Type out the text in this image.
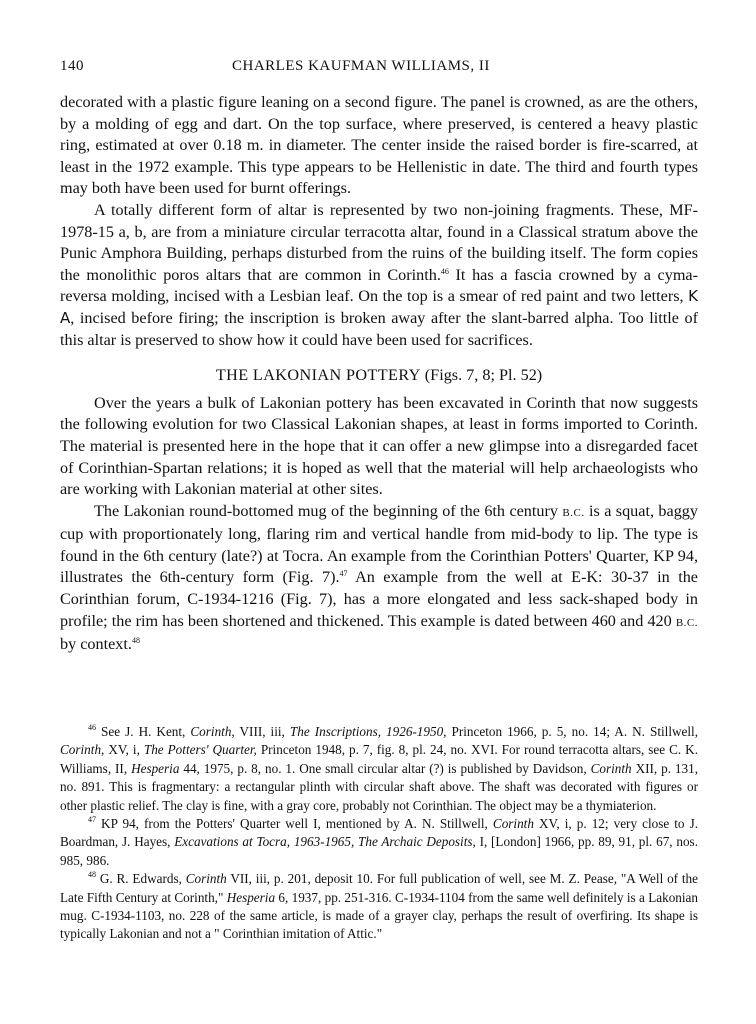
140	CHARLES KAUFMAN WILLIAMS, II

decorated with a plastic figure leaning on a second figure. The panel is crowned, as are the others, by a molding of egg and dart. On the top surface, where preserved, is centered a heavy plastic ring, estimated at over 0.18 m. in diameter. The center inside the raised border is fire-scarred, at least in the 1972 example. This type appears to be Hellenistic in date. The third and fourth types may both have been used for burnt offerings.

A totally different form of altar is represented by two non-joining fragments. These, MF-1978-15 a, b, are from a miniature circular terracotta altar, found in a Classical stratum above the Punic Amphora Building, perhaps disturbed from the ruins of the building itself. The form copies the monolithic poros altars that are common in Corinth.$^{46}$ It has a fascia crowned by a cyma-reversa molding, incised with a Lesbian leaf. On the top is a smear of red paint and two letters, K A, incised before firing; the inscription is broken away after the slant-barred alpha. Too little of this altar is preserved to show how it could have been used for sacrifices.

THE LAKONIAN POTTERY (Figs. 7, 8; Pl. 52)

Over the years a bulk of Lakonian pottery has been excavated in Corinth that now suggests the following evolution for two Classical Lakonian shapes, at least in forms imported to Corinth. The material is presented here in the hope that it can offer a new glimpse into a disregarded facet of Corinthian-Spartan relations; it is hoped as well that the material will help archaeologists who are working with Lakonian material at other sites.

The Lakonian round-bottomed mug of the beginning of the 6th century B.C. is a squat, baggy cup with proportionately long, flaring rim and vertical handle from mid-body to lip. The type is found in the 6th century (late?) at Tocra. An example from the Corinthian Potters' Quarter, KP 94, illustrates the 6th-century form (Fig. 7).$^{47}$ An example from the well at E-K: 30-37 in the Corinthian forum, C-1934-1216 (Fig. 7), has a more elongated and less sack-shaped body in profile; the rim has been shortened and thickened. This example is dated between 460 and 420 B.C. by context.$^{48}$

$^{46}$ See J. H. Kent, Corinth, VIII, iii, The Inscriptions, 1926-1950, Princeton 1966, p. 5, no. 14; A. N. Stillwell, Corinth, XV, i, The Potters' Quarter, Princeton 1948, p. 7, fig. 8, pl. 24, no. XVI. For round terracotta altars, see C. K. Williams, II, Hesperia 44, 1975, p. 8, no. 1. One small circular altar (?) is published by Davidson, Corinth XII, p. 131, no. 891. This is fragmentary: a rectangular plinth with circular shaft above. The shaft was decorated with figures or other plastic relief. The clay is fine, with a gray core, probably not Corinthian. The object may be a thymiaterion.

$^{47}$ KP 94, from the Potters' Quarter well I, mentioned by A. N. Stillwell, Corinth XV, i, p. 12; very close to J. Boardman, J. Hayes, Excavations at Tocra, 1963-1965, The Archaic Deposits, I, [London] 1966, pp. 89, 91, pl. 67, nos. 985, 986.

$^{48}$ G. R. Edwards, Corinth VII, iii, p. 201, deposit 10. For full publication of well, see M. Z. Pease, "A Well of the Late Fifth Century at Corinth," Hesperia 6, 1937, pp. 251-316. C-1934-1104 from the same well definitely is a Lakonian mug. C-1934-1103, no. 228 of the same article, is made of a grayer clay, perhaps the result of overfiring. Its shape is typically Lakonian and not a " Corinthian imitation of Attic."
